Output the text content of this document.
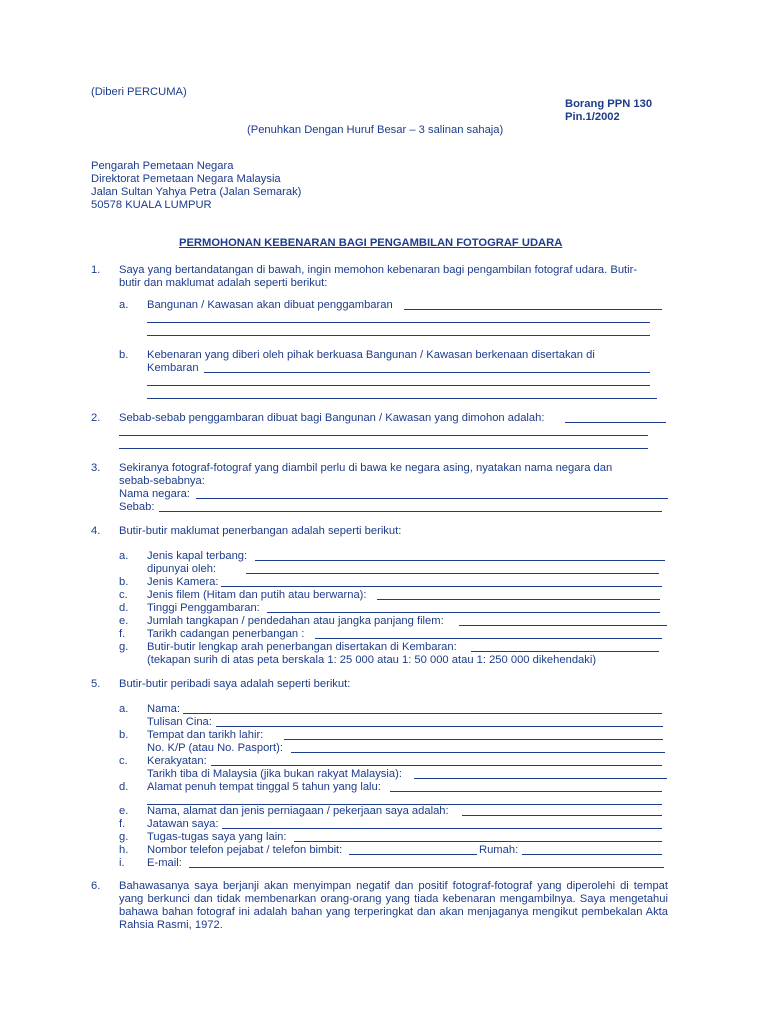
(Diberi PERCUMA)
Borang PPN 130
Pin.1/2002
(Penuhkan Dengan Huruf Besar – 3 salinan sahaja)
Pengarah Pemetaan Negara
Direktorat Pemetaan Negara Malaysia
Jalan Sultan Yahya Petra (Jalan Semarak)
50578 KUALA LUMPUR
PERMOHONAN KEBENARAN BAGI PENGAMBILAN FOTOGRAF UDARA
1. Saya yang bertandatangan di bawah, ingin memohon kebenaran bagi pengambilan fotograf udara. Butir-
butir dan maklumat adalah seperti berikut:
a. Bangunan / Kawasan akan dibuat penggambaran
b. Kebenaran yang diberi oleh pihak berkuasa Bangunan / Kawasan berkenaan disertakan di
Kembaran
2. Sebab-sebab penggambaran dibuat bagi Bangunan / Kawasan yang dimohon adalah:
3. Sekiranya fotograf-fotograf yang diambil perlu di bawa ke negara asing, nyatakan nama negara dan
sebab-sebabnya:
Nama negara:
Sebab:
4. Butir-butir maklumat penerbangan adalah seperti berikut:
a. Jenis kapal terbang:
dipunyai oleh:
b. Jenis Kamera:
c. Jenis filem (Hitam dan putih atau berwarna):
d. Tinggi Penggambaran:
e. Jumlah tangkapan / pendedahan atau jangka panjang filem:
f. Tarikh cadangan penerbangan :
g. Butir-butir lengkap arah penerbangan disertakan di Kembaran:
(tekapan surih di atas peta berskala 1: 25 000 atau 1: 50 000 atau 1: 250 000 dikehendaki)
5. Butir-butir peribadi saya adalah seperti berikut:
a. Nama:
Tulisan Cina:
b. Tempat dan tarikh lahir:
No. K/P (atau No. Pasport):
c. Kerakyatan:
Tarikh tiba di Malaysia (jika bukan rakyat Malaysia):
d. Alamat penuh tempat tinggal 5 tahun yang lalu:
e. Nama, alamat dan jenis perniagaan / pekerjaan saya adalah:
f. Jatawan saya:
g. Tugas-tugas saya yang lain:
h. Nombor telefon pejabat / telefon bimbit:	Rumah:
i. E-mail:
6. Bahawasanya saya berjanji akan menyimpan negatif dan positif fotograf-fotograf yang diperolehi di tempat yang berkunci dan tidak membenarkan orang-orang yang tiada kebenaran mengambilnya. Saya mengetahui bahawa bahan fotograf ini adalah bahan yang terperingkat dan akan menjaganya mengikut pembekalan Akta Rahsia Rasmi, 1972.
